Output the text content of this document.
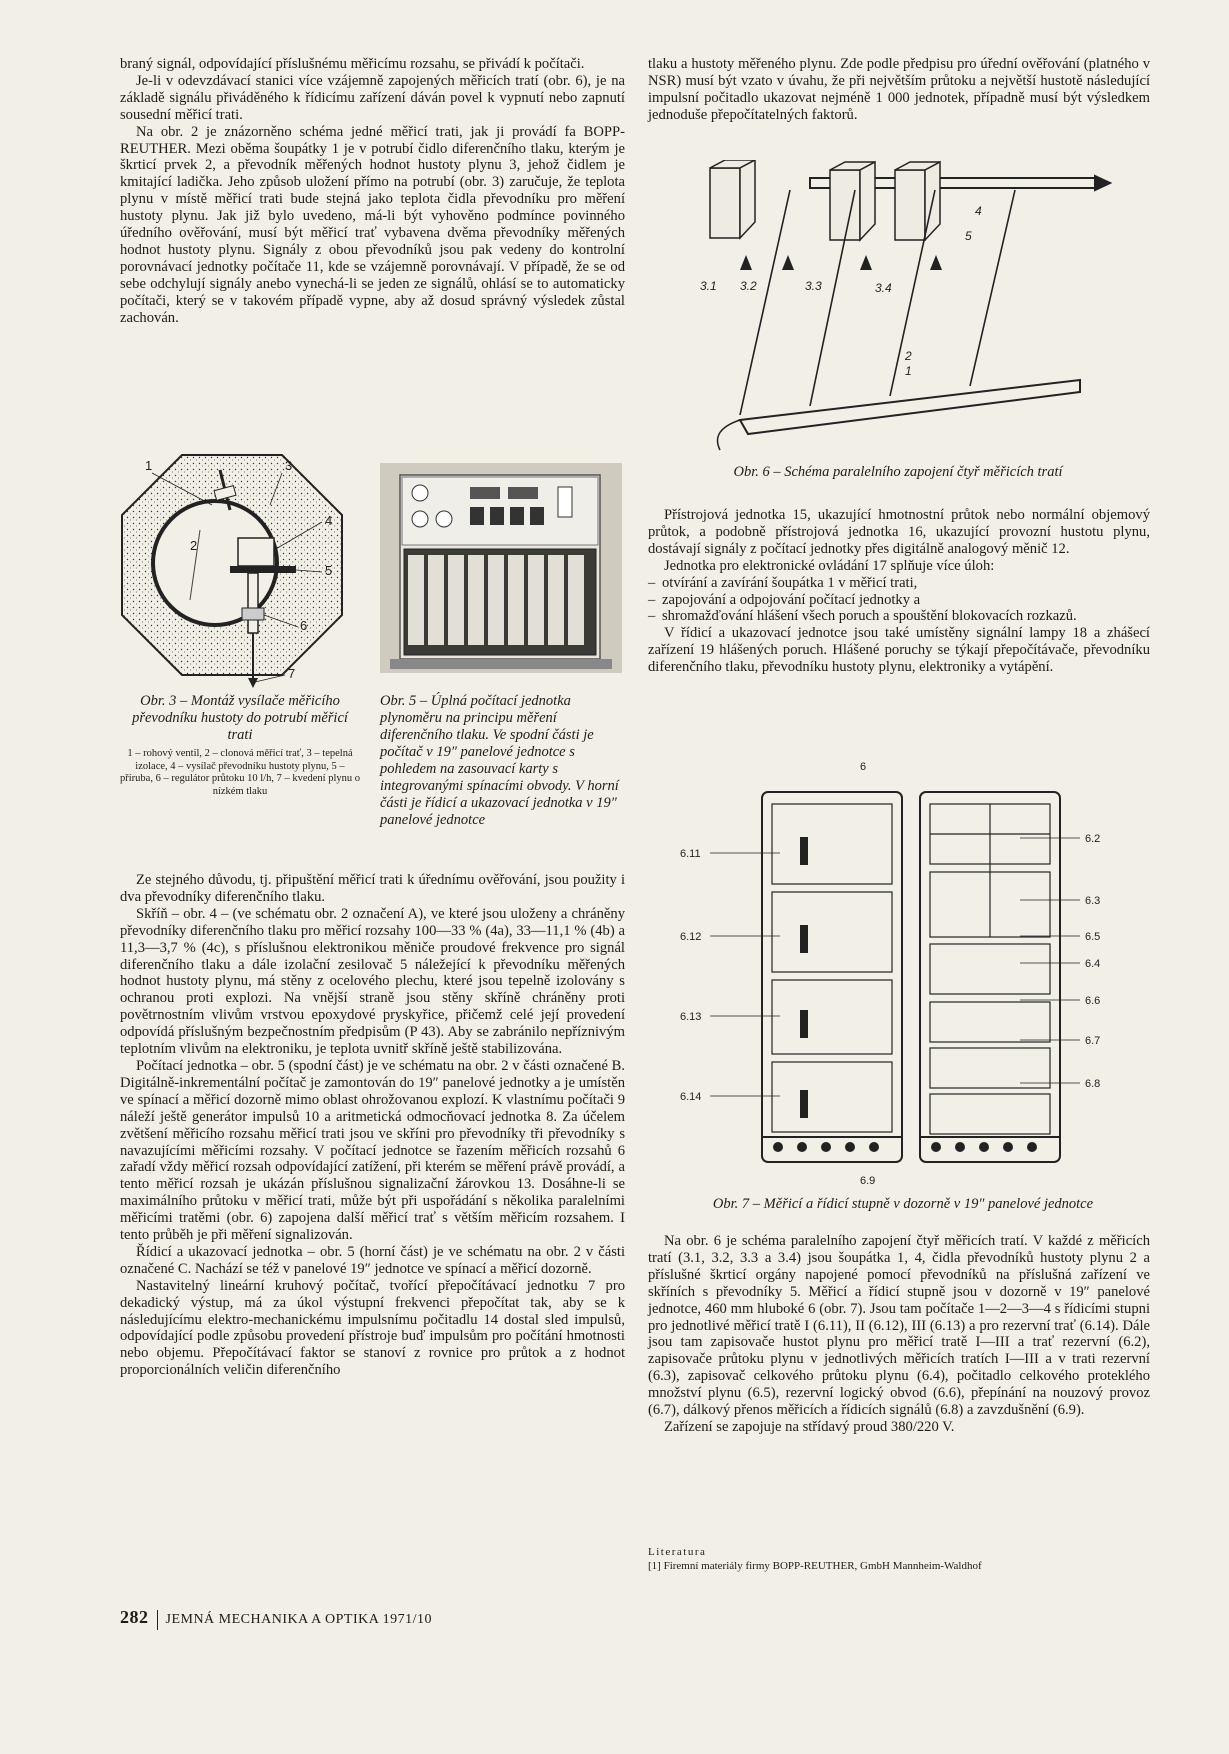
braný signál, odpovídající příslušnému měřicímu rozsahu, se přivádí k počítači.

Je-li v odevzdávací stanici více vzájemně zapojených měřicích tratí (obr. 6), je na základě signálu přiváděného k řídicímu zařízení dáván povel k vypnutí nebo zapnutí sousední měřicí trati.

Na obr. 2 je znázorněno schéma jedné měřicí trati, jak ji provádí fa BOPP-REUTHER. Mezi oběma šoupátky 1 je v potrubí čidlo diferenčního tlaku, kterým je škrticí prvek 2, a převodník měřených hodnot hustoty plynu 3, jehož čidlem je kmitající ladička. Jeho způsob uložení přímo na potrubí (obr. 3) zaručuje, že teplota plynu v místě měřicí trati bude stejná jako teplota čidla převodníku pro měření hustoty plynu. Jak již bylo uvedeno, má-li být vyhověno podmínce povinného úředního ověřování, musí být měřicí trať vybavena dvěma převodníky měřených hodnot hustoty plynu. Signály z obou převodníků jsou pak vedeny do kontrolní porovnávací jednotky počítače 11, kde se vzájemně porovnávají. V případě, že se od sebe odchylují signály anebo vynechá-li se jeden ze signálů, ohlásí se to automaticky počítači, který se v takovém případě vypne, aby až dosud správný výsledek zůstal zachován.

1
2
3
4
5
6
7
Obr. 3 – Montáž vysílače měřicího převodníku hustoty do potrubí měřicí trati
1 – rohový ventil, 2 – clonová měřicí trať, 3 – tepelná izolace, 4 – vysílač převodníku hustoty plynu, 5 – příruba, 6 – regulátor průtoku 10 l/h, 7 – kvedení plynu o nízkém tlaku
Obr. 5 – Úplná počítací jednotka plynoměru na principu měření diferenčního tlaku. Ve spodní části je počítač v 19″ panelové jednotce s pohledem na zasouvací karty s integrovanými spínacími obvody. V horní části je řídicí a ukazovací jednotka v 19″ panelové jednotce

Ze stejného důvodu, tj. připuštění měřicí trati k úřednímu ověřování, jsou použity i dva převodníky diferenčního tlaku.

Skříň – obr. 4 – (ve schématu obr. 2 označení A), ve které jsou uloženy a chráněny převodníky diferenčního tlaku pro měřicí rozsahy 100—33 % (4a), 33—11,1 % (4b) a 11,3—3,7 % (4c), s příslušnou elektronikou měniče proudové frekvence pro signál diferenčního tlaku a dále izolační zesilovač 5 náležející k převodníku měřených hodnot hustoty plynu, má stěny z ocelového plechu, které jsou tepelně izolovány s ochranou proti explozi. Na vnější straně jsou stěny skříně chráněny proti povětrnostním vlivům vrstvou epoxydové pryskyřice, přičemž celé její provedení odpovídá příslušným bezpečnostním předpisům (P 43). Aby se zabránilo nepříznivým teplotním vlivům na elektroniku, je teplota uvnitř skříně ještě stabilizována.

Počítací jednotka – obr. 5 (spodní část) je ve schématu na obr. 2 v části označené B. Digitálně-inkrementální počítač je zamontován do 19″ panelové jednotky a je umístěn ve spínací a měřicí dozorně mimo oblast ohrožovanou explozí. K vlastnímu počítači 9 náleží ještě generátor impulsů 10 a aritmetická odmocňovací jednotka 8. Za účelem zvětšení měřicího rozsahu měřicí trati jsou ve skříni pro převodníky tři převodníky s navazujícími měřicími rozsahy. V počítací jednotce se řazením měřicích rozsahů 6 zařadí vždy měřicí rozsah odpovídající zatížení, při kterém se měření právě provádí, a tento měřicí rozsah je ukázán příslušnou signalizační žárovkou 13. Dosáhne-li se maximálního průtoku v měřicí trati, může být při uspořádání s několika paralelními měřicími tratěmi (obr. 6) zapojena další měřicí trať s větším měřicím rozsahem. I tento průběh je při měření signalizován.

Řídicí a ukazovací jednotka – obr. 5 (horní část) je ve schématu na obr. 2 v části označené C. Nachází se též v panelové 19″ jednotce ve spínací a měřicí dozorně.

Nastavitelný lineární kruhový počítač, tvořící přepočítávací jednotku 7 pro dekadický výstup, má za úkol výstupní frekvenci přepočítat tak, aby se k následujícímu elektro-mechanickému impulsnímu počitadlu 14 dostal sled impulsů, odpovídající podle způsobu provedení přístroje buď impulsům pro počítání hmotnosti nebo objemu. Přepočítávací faktor se stanoví z rovnice pro průtok a z hodnot proporcionálních veličin diferenčního

tlaku a hustoty měřeného plynu. Zde podle předpisu pro úřední ověřování (platného v NSR) musí být vzato v úvahu, že při největším průtoku a největší hustotě následující impulsní počitadlo ukazovat nejméně 1 000 jednotek, případně musí být výsledkem jednoduše přepočítatelných faktorů.

3.1 3.2	3.3	3.4
1
2
4
5
Obr. 6 – Schéma paralelního zapojení čtyř měřicích tratí

Přístrojová jednotka 15, ukazující hmotnostní průtok nebo normální objemový průtok, a podobně přístrojová jednotka 16, ukazující provozní hustotu plynu, dostávají signály z počítací jednotky přes digitálně analogový měnič 12.

Jednotka pro elektronické ovládání 17 splňuje více úloh:

– otvírání a zavírání šoupátka 1 v měřicí trati,

– zapojování a odpojování počítací jednotky a

– shromažďování hlášení všech poruch a spouštění blokovacích rozkazů.

V řídicí a ukazovací jednotce jsou také umístěny signální lampy 18 a zhášecí zařízení 19 hlášených poruch. Hlášené poruchy se týkají přepočítávače, převodníku diferenčního tlaku, převodníku hustoty plynu, elektroniky a vytápění.

6
6.9
6.11
6.12
6.13
6.14
6.2
6.3
6.5
6.4
6.6
6.7
6.8
Obr. 7 – Měřicí a řídicí stupně v dozorně v 19″ panelové jednotce

Na obr. 6 je schéma paralelního zapojení čtyř měřicích tratí. V každé z měřicích tratí (3.1, 3.2, 3.3 a 3.4) jsou šoupátka 1, 4, čidla převodníků hustoty plynu 2 a příslušné škrticí orgány napojené pomocí převodníků na příslušná zařízení ve skříních s převodníky 5. Měřicí a řídicí stupně jsou v dozorně v 19″ panelové jednotce, 460 mm hluboké 6 (obr. 7). Jsou tam počítače 1—2—3—4 s řídicími stupni pro jednotlivé měřicí tratě I (6.11), II (6.12), III (6.13) a pro rezervní trať (6.14). Dále jsou tam zapisovače hustot plynu pro měřicí tratě I—III a trať rezervní (6.2), zapisovače průtoku plynu v jednotlivých měřicích tratích I—III a v trati rezervní (6.3), zapisovač celkového průtoku plynu (6.4), počitadlo celkového proteklého množství plynu (6.5), rezervní logický obvod (6.6), přepínání na nouzový provoz (6.7), dálkový přenos měřicích a řídicích signálů (6.8) a zavzdušnění (6.9).

Zařízení se zapojuje na střídavý proud 380/220 V.

Literatura
[1] Firemní materiály firmy BOPP-REUTHER, GmbH Mannheim-Waldhof
282 JEMNÁ MECHANIKA A OPTIKA 1971/10
